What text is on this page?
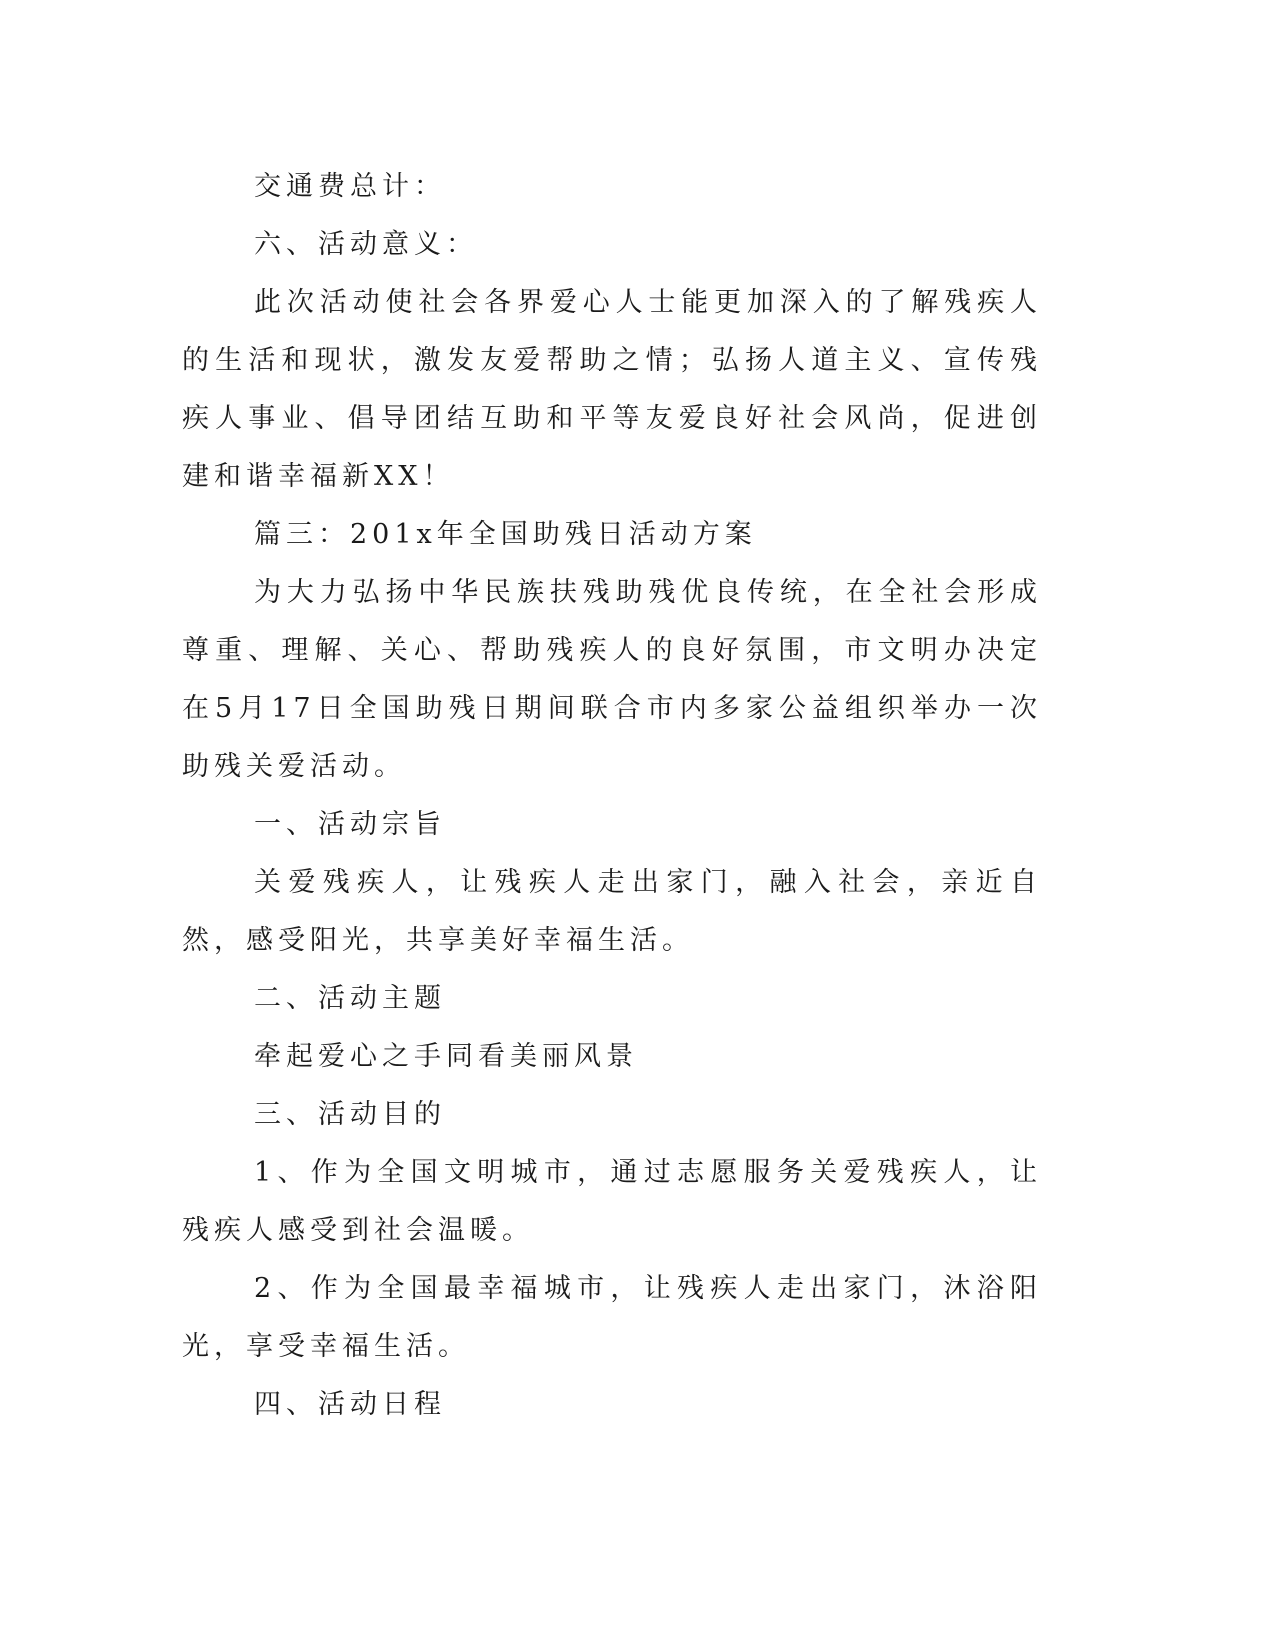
交通费总计：

六、活动意义：

此次活动使社会各界爱心人士能更加深入的了解残疾人的生活和现状，激发友爱帮助之情；弘扬人道主义、宣传残疾人事业、倡导团结互助和平等友爱良好社会风尚，促进创建和谐幸福新XX！

篇三：201x年全国助残日活动方案

为大力弘扬中华民族扶残助残优良传统，在全社会形成尊重、理解、关心、帮助残疾人的良好氛围，市文明办决定在5月17日全国助残日期间联合市内多家公益组织举办一次助残关爱活动。

一、活动宗旨

关爱残疾人，让残疾人走出家门，融入社会，亲近自然，感受阳光，共享美好幸福生活。

二、活动主题

牵起爱心之手同看美丽风景

三、活动目的

1、作为全国文明城市，通过志愿服务关爱残疾人，让残疾人感受到社会温暖。

2、作为全国最幸福城市，让残疾人走出家门，沐浴阳光，享受幸福生活。

四、活动日程
